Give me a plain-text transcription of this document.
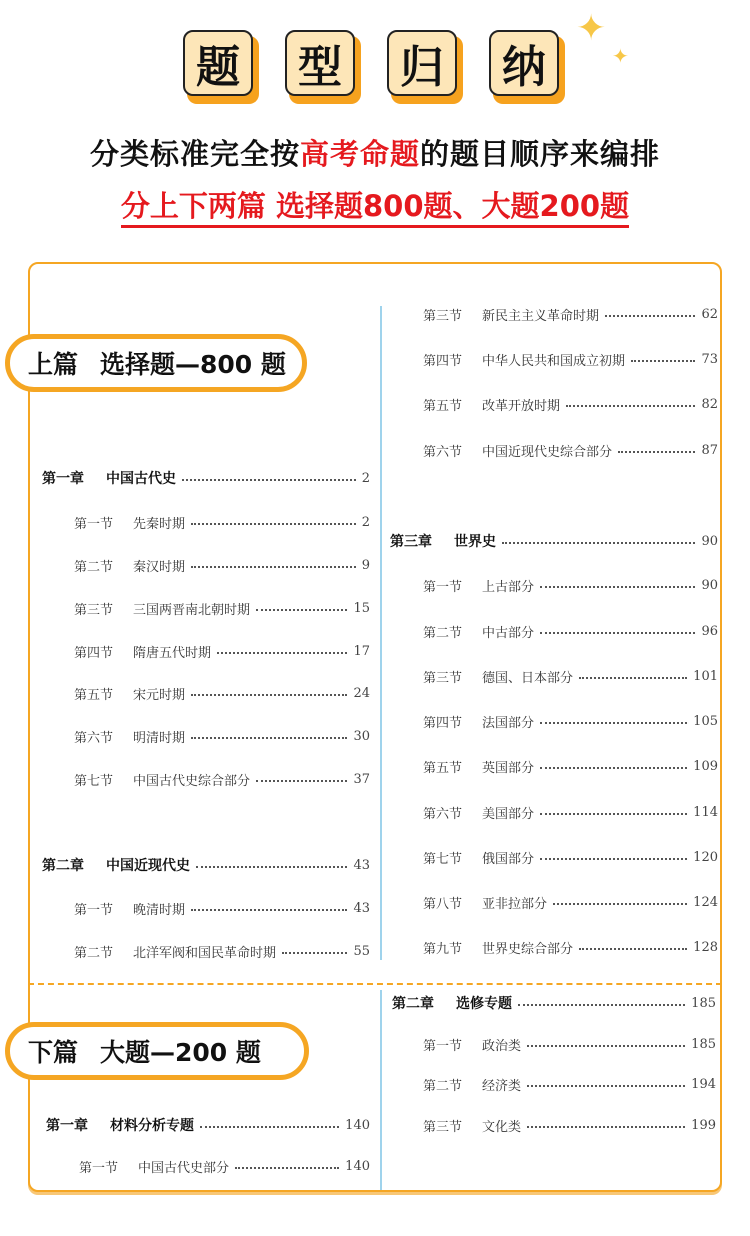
题 型 归 纳
✦
✦
分类标准完全按高考命题的题目顺序来编排
分上下两篇 选择题800题、大题200题
上篇 选择题—800 题
下篇 大题—200 题
第一章 中国古代史	2
第一节 先秦时期	2
第二节 秦汉时期	9
第三节 三国两晋南北朝时期	15
第四节 隋唐五代时期	17
第五节 宋元时期	24
第六节 明清时期	30
第七节 中国古代史综合部分	37
第二章 中国近现代史	43
第一节 晚清时期	43
第二节 北洋军阀和国民革命时期	55
第三节 新民主主义革命时期	62
第四节 中华人民共和国成立初期	73
第五节 改革开放时期	82
第六节 中国近现代史综合部分	87
第三章 世界史	90
第一节 上古部分	90
第二节 中古部分	96
第三节 德国、日本部分	101
第四节 法国部分	105
第五节 英国部分	109
第六节 美国部分	114
第七节 俄国部分	120
第八节 亚非拉部分	124
第九节 世界史综合部分	128
第一章 材料分析专题	140
第一节 中国古代史部分	140
第二章 选修专题	185
第一节 政治类	185
第二节 经济类	194
第三节 文化类	199
